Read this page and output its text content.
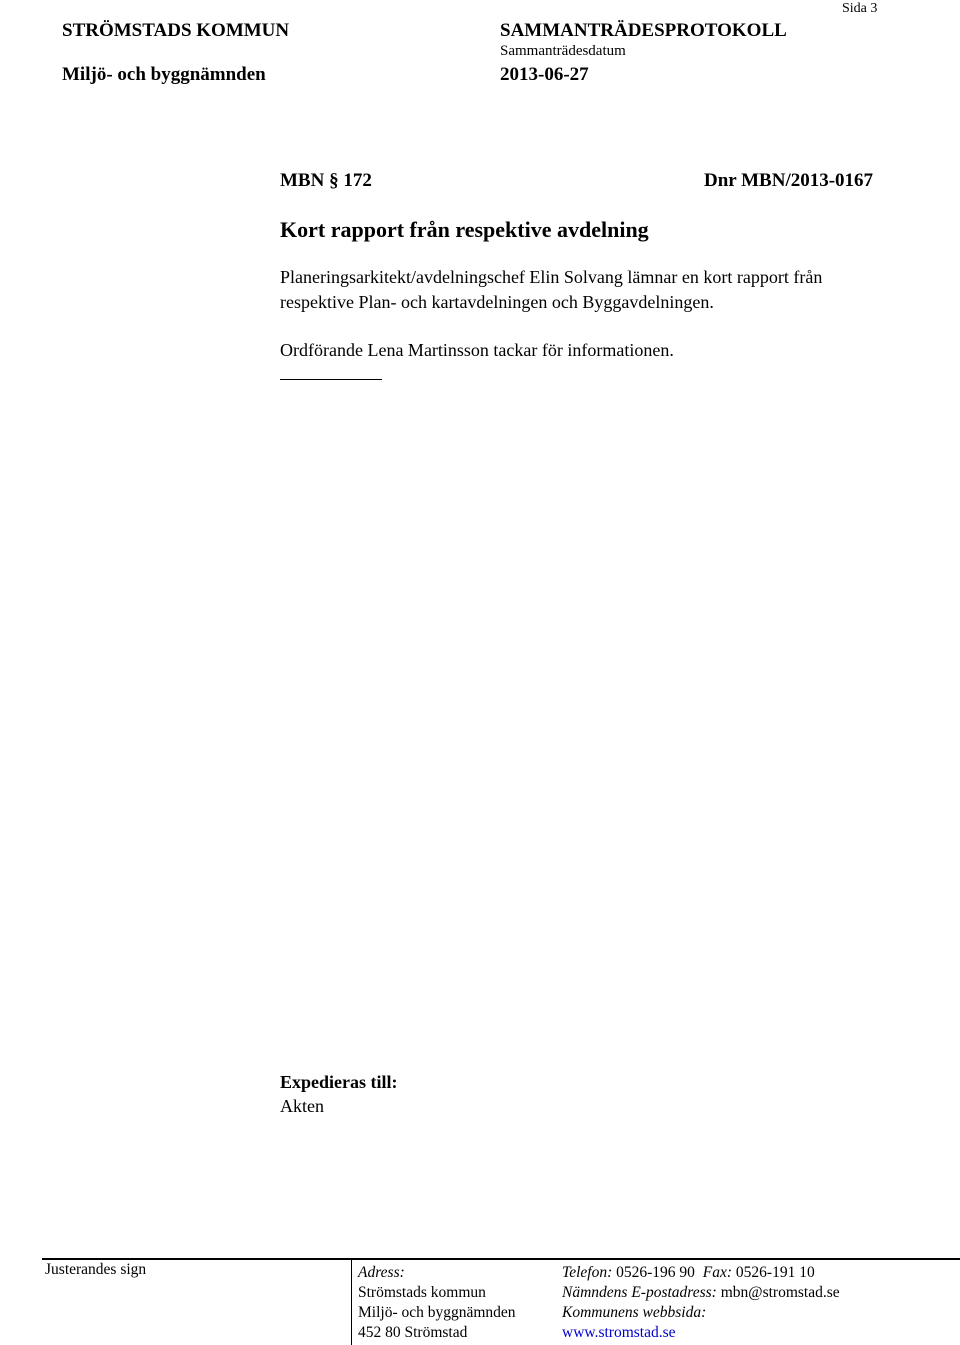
STRÖMSTADS KOMMUN
Miljö- och byggnämnden
SAMMANTRÄDESPROTOKOLL
Sammanträdesdatum
2013-06-27
Sida 3
MBN § 172	Dnr MBN/2013-0167
Kort rapport från respektive avdelning
Planeringsarkitekt/avdelningschef Elin Solvang lämnar en kort rapport från
respektive Plan- och kartavdelningen och Byggavdelningen.
Ordförande Lena Martinsson tackar för informationen.
Expedieras till:
Akten
Justerandes sign	Adress:
Strömstads kommun
Miljö- och byggnämnden
452 80 Strömstad
Telefon: 0526-196 90 Fax: 0526-191 10
Nämndens E-postadress: mbn@stromstad.se
Kommunens webbsida:
www.stromstad.se
